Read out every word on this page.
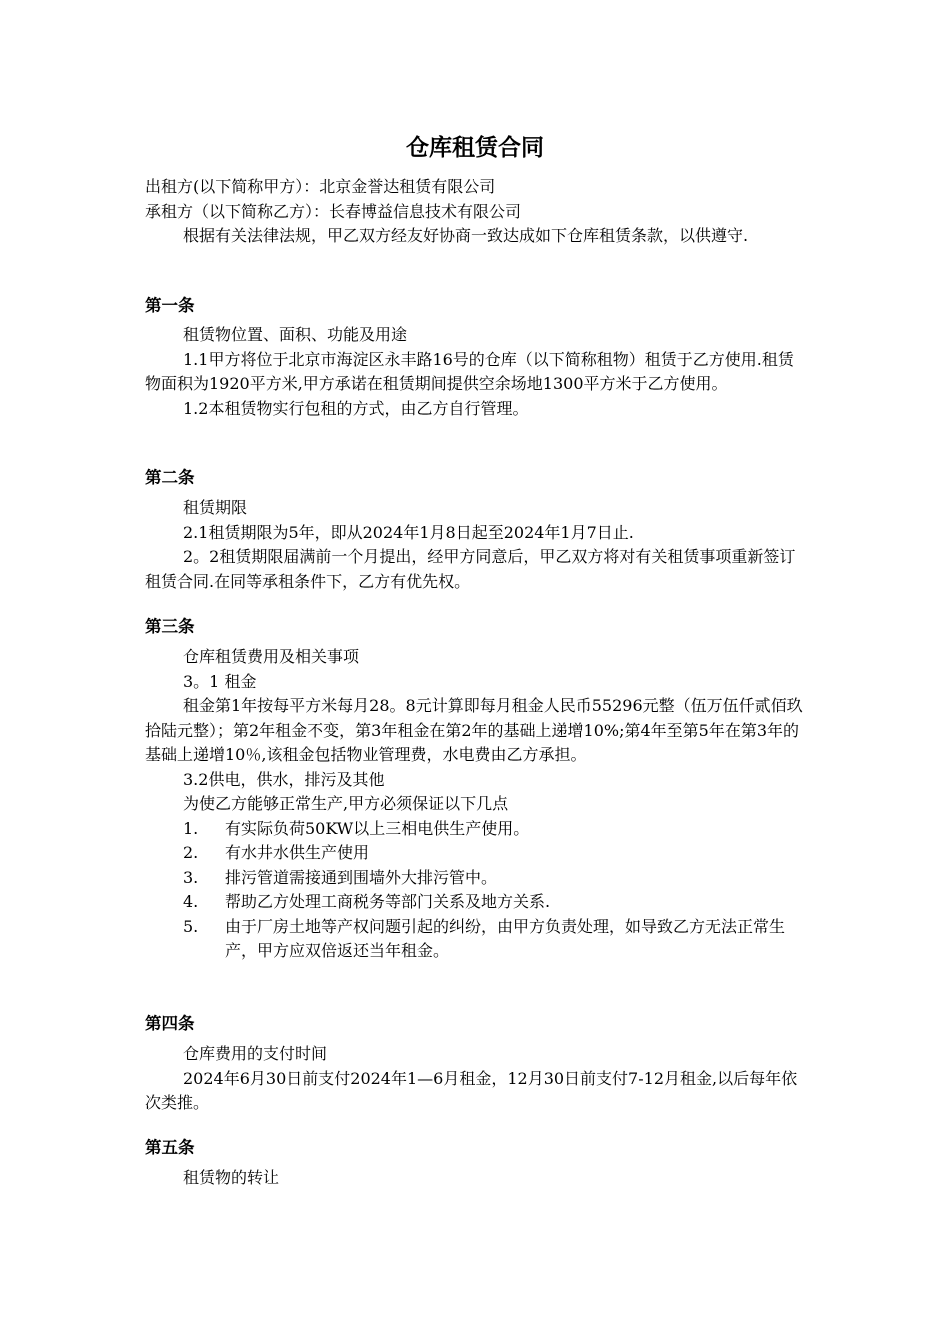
仓库租赁合同

出租方(以下简称甲方）：北京金誉达租赁有限公司

承租方（以下简称乙方）：长春博益信息技术有限公司

根据有关法律法规，甲乙双方经友好协商一致达成如下仓库租赁条款，以供遵守.

第一条

租赁物位置、面积、功能及用途

1.1甲方将位于北京市海淀区永丰路16号的仓库（以下简称租物）租赁于乙方使用.租赁物面积为1920平方米,甲方承诺在租赁期间提供空余场地1300平方米于乙方使用。

1.2本租赁物实行包租的方式，由乙方自行管理。

第二条

租赁期限

2.1租赁期限为5年，即从2024年1月8日起至2024年1月7日止.

2。2租赁期限届满前一个月提出，经甲方同意后，甲乙双方将对有关租赁事项重新签订租赁合同.在同等承租条件下，乙方有优先权。

第三条

仓库租赁费用及相关事项

3。1 租金

租金第1年按每平方米每月28。8元计算即每月租金人民币55296元整（伍万伍仟贰佰玖拾陆元整）；第2年租金不变，第3年租金在第2年的基础上递增10%;第4年至第5年在第3年的基础上递增10％,该租金包括物业管理费，水电费由乙方承担。

3.2供电，供水，排污及其他

为使乙方能够正常生产,甲方必须保证以下几点

1.	有实际负荷50KW以上三相电供生产使用。

2.	有水井水供生产使用

3.	排污管道需接通到围墙外大排污管中。

4.	帮助乙方处理工商税务等部门关系及地方关系.

5.	由于厂房土地等产权问题引起的纠纷，由甲方负责处理，如导致乙方无法正常生产，甲方应双倍返还当年租金。

第四条

仓库费用的支付时间

2024年6月30日前支付2024年1—6月租金，12月30日前支付7-12月租金,以后每年依次类推。

第五条

租赁物的转让
